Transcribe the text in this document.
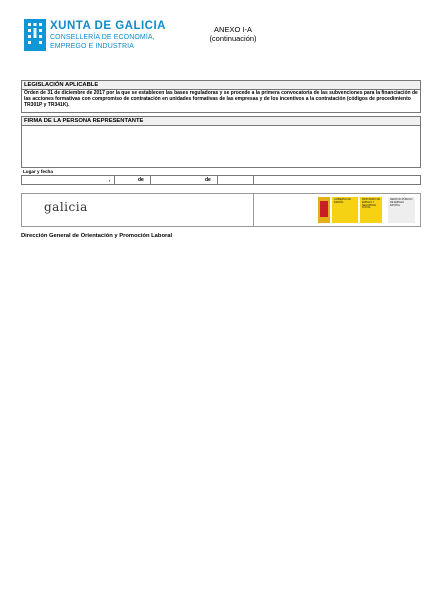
XUNTA DE GALICIA
CONSELLERÍA DE ECONOMÍA,
EMPREGO E INDUSTRIA
ANEXO I-A
(continuación)
LEGISLACIÓN APLICABLE
Orden de 31 de diciembre de 2017 por la que se establecen las bases reguladoras y se procede a la primera convocatoria de las subvenciones para la financiación de las acciones formativas con compromiso de contratación en unidades formativas de las empresas y de los incentivos a la contratación (códigos de procedimiento TR301P y TR341K).
FIRMA DE LA PERSONA REPRESENTANTE
Lugar y fecha
,	de	de
galicia
GOBIERNO DE ESPAÑA
MINISTERIO DE EMPLEO Y SEGURIDAD SOCIAL
SERVICIO PÚBLICO DE EMPLEO ESTATAL
Dirección General de Orientación y Promoción Laboral
